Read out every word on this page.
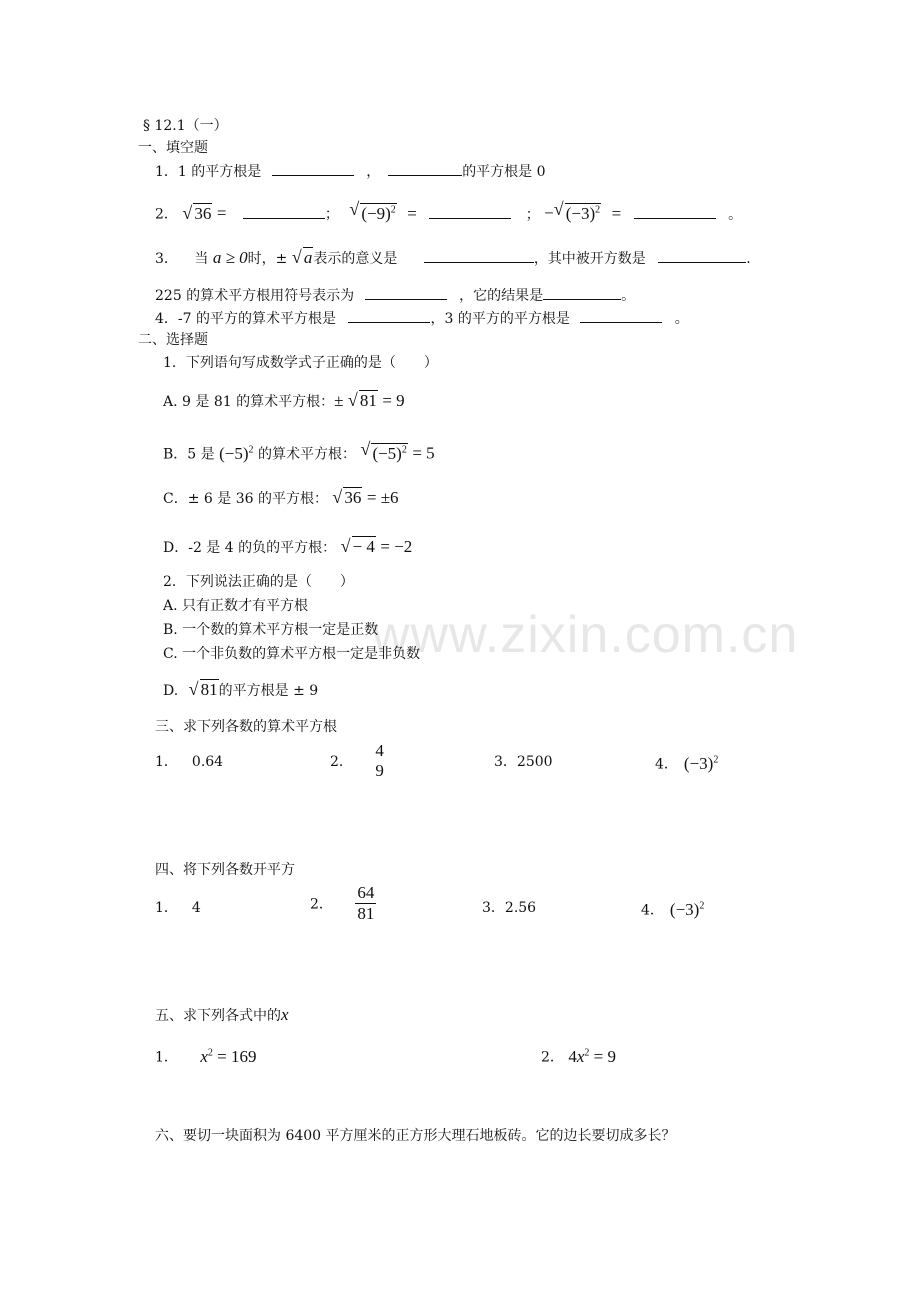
www.zixin.com.cn
§ 12.1（一）
一、填空题
1．1 的平方根是	，	的平方根是 0
2． √ 36 =	； √ $(-9)^2$ =	； − √ $(-3)^2$ =	。
3． 当 a ≥ 0时，± √ a表示的意义是	，其中被开方数是	.
225 的算术平方根用符号表示为	，它的结果是	。
4．-7 的平方的算术平方根是	，3 的平方的平方根是	。
二、选择题
1．下列语句写成数学式子正确的是（　　）
A. 9 是 81 的算术平方根：± √ 81 = 9
B．5 是 $(-5)^2$ 的算术平方根： √ $(-5)^2 = 5$
C．± 6 是 36 的平方根： √ 36 = ±6
D．-2 是 4 的负的平方根： √ − 4 = −2
2．下列说法正确的是（　　）
A. 只有正数才有平方根
B. 一个数的算术平方根一定是正数
C. 一个非负数的算术平方根一定是非负数
D. √ 81的平方根是 ± 9
三、求下列各数的算术平方根
1． 0.64	2．
4
9	3．2500	4． $(-3)^2$
四、将下列各数开平方
1． 4	2． $\frac{64}{81}$	3．2.56	4． $(-3)^2$
五、求下列各式中的x
1． $x^2 = 169$	2． $4x^2 = 9$
六、要切一块面积为 6400 平方厘米的正方形大理石地板砖。它的边长要切成多长？
